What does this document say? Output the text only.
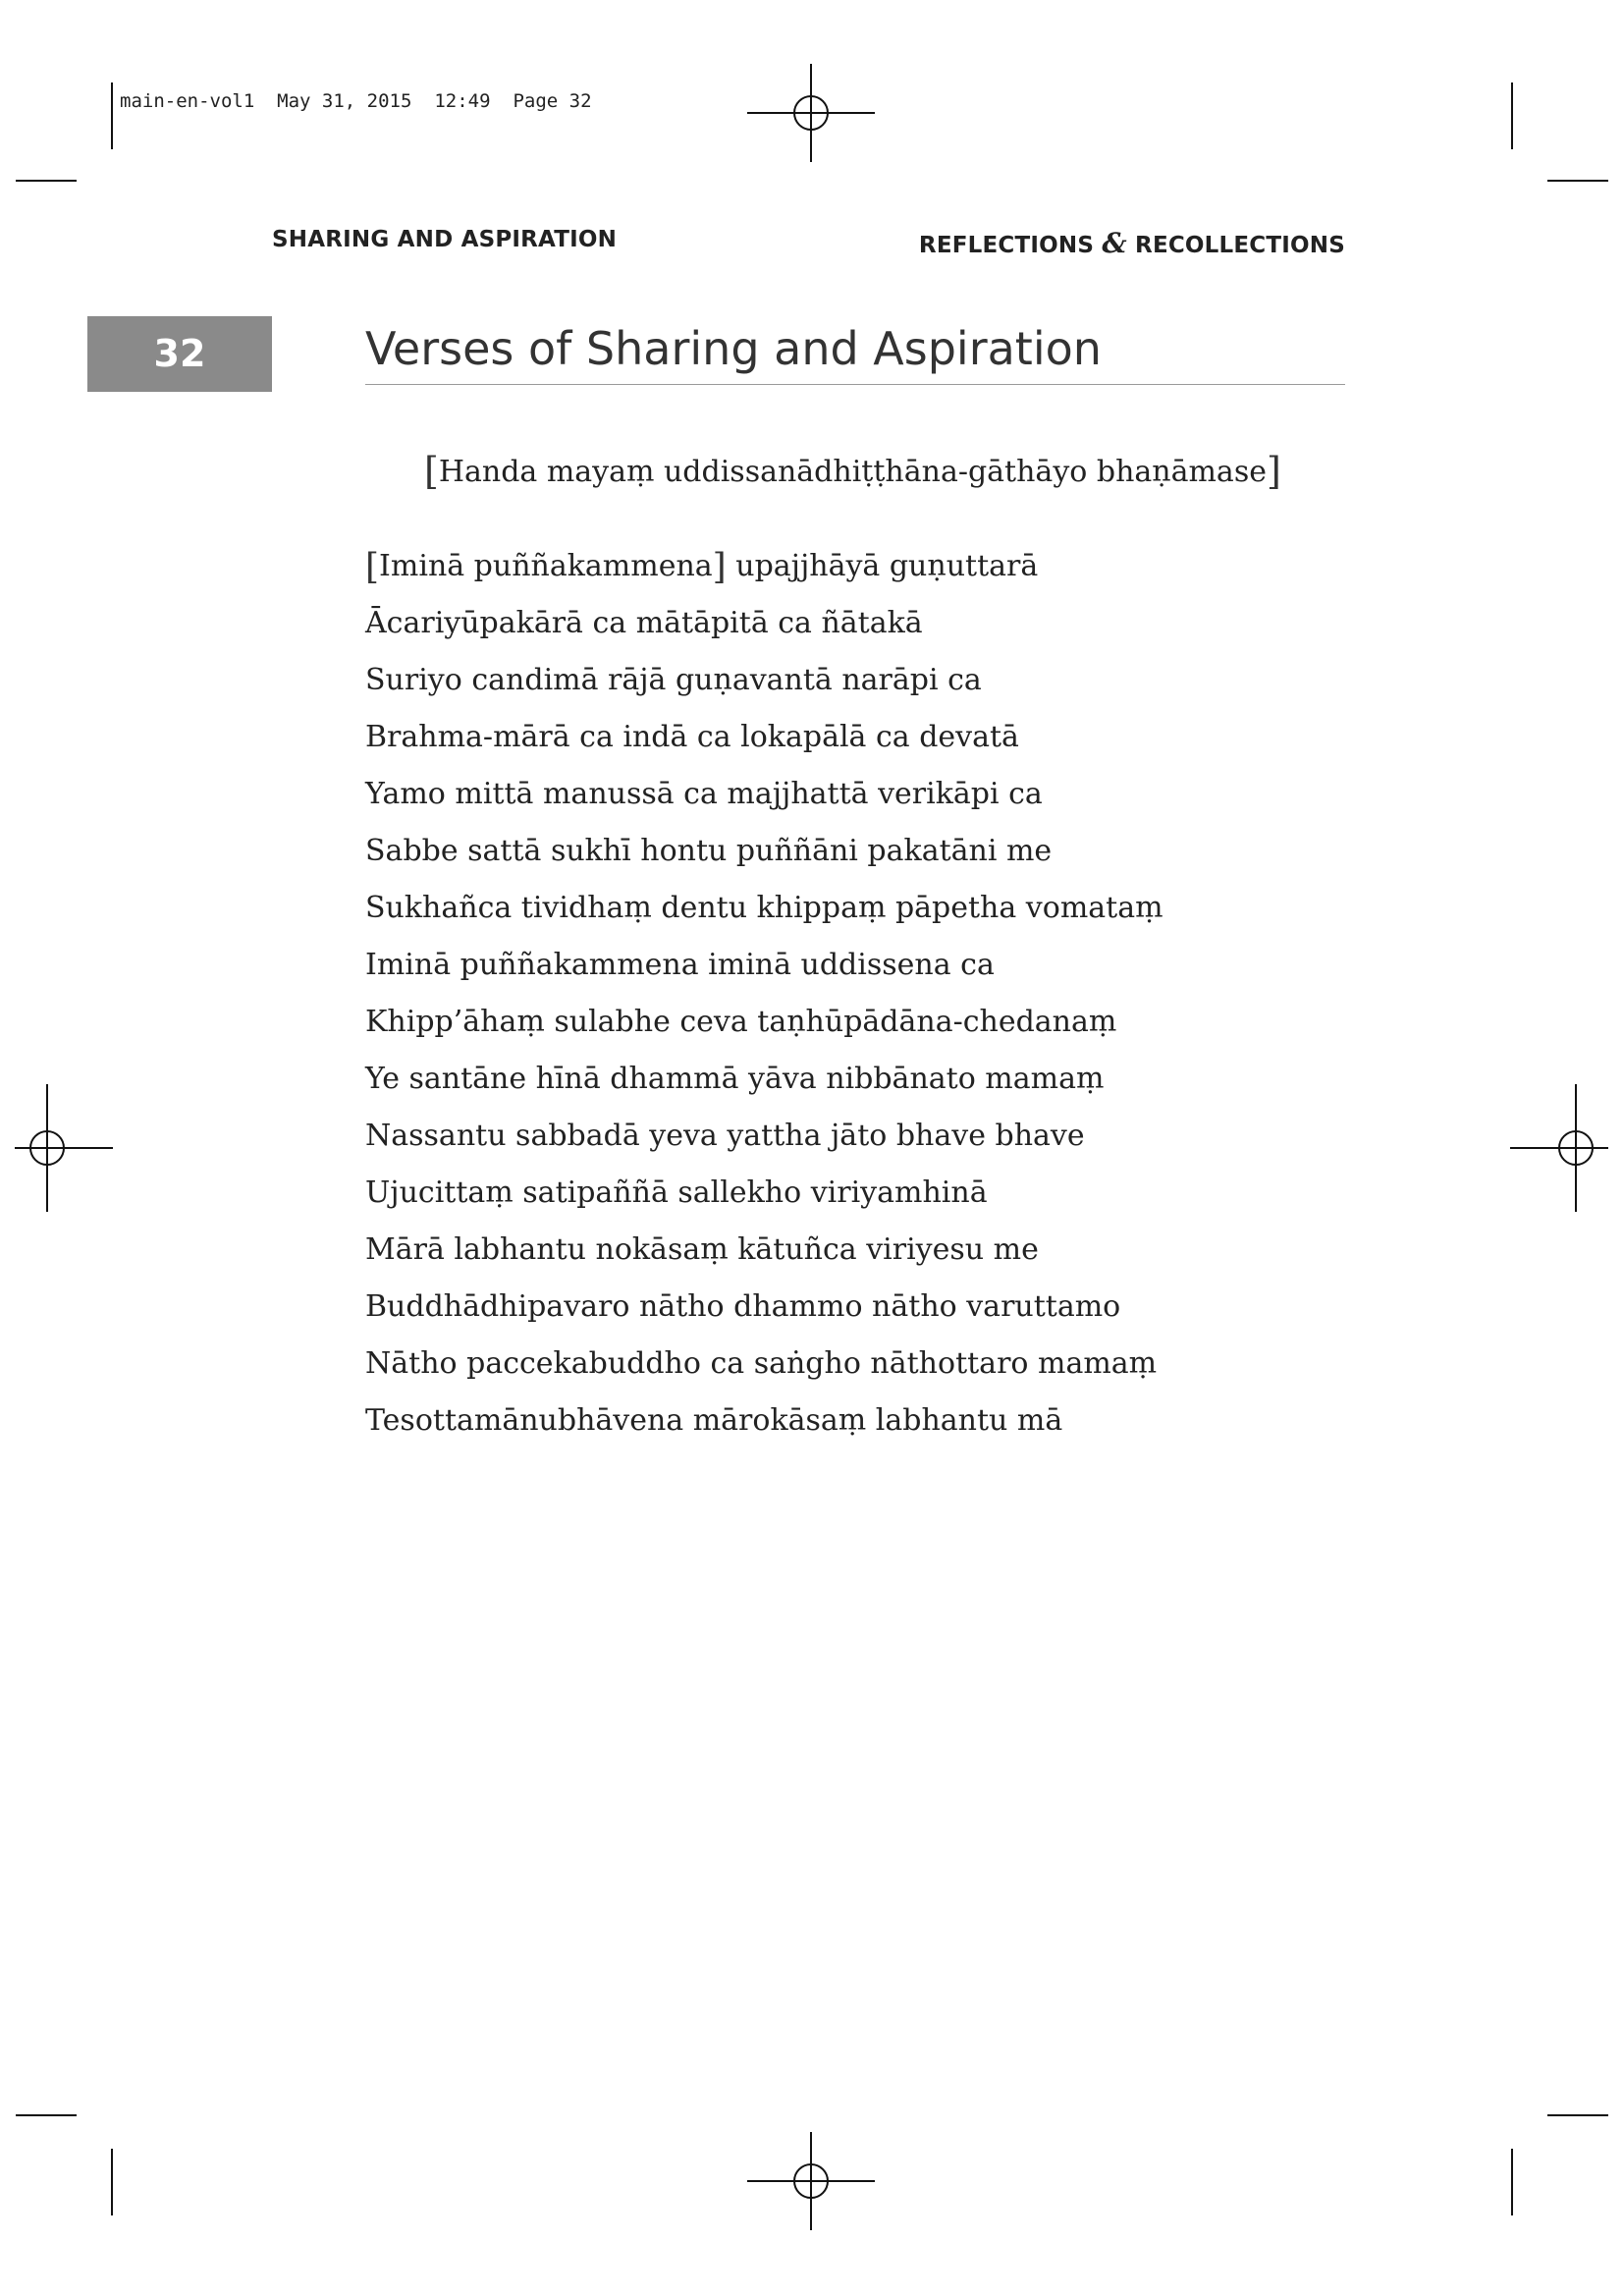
main-en-vol1 May 31, 2015 12:49 Page 32
SHARING AND ASPIRATION	REFLECTIONS & RECOLLECTIONS
32	Verses of Sharing and Aspiration
[Handa mayaṃ uddissanādhiṭṭhāna-gāthāyo bhaṇāmase]
[Iminā puññakammena] upajjhāyā guṇuttarā
Ācariyūpakārā ca mātāpitā ca ñātakā
Suriyo candimā rājā guṇavantā narāpi ca
Brahma-mārā ca indā ca lokapālā ca devatā
Yamo mittā manussā ca majjhattā verikāpi ca
Sabbe sattā sukhī hontu puññāni pakatāni me
Sukhañca tividhaṃ dentu khippaṃ pāpetha vomataṃ
Iminā puññakammena iminā uddissena ca
Khipp’āhaṃ sulabhe ceva taṇhūpādāna-chedanaṃ
Ye santāne hīnā dhammā yāva nibbānato mamaṃ
Nassantu sabbadā yeva yattha jāto bhave bhave
Ujucittaṃ satipaññā sallekho viriyamhinā
Mārā labhantu nokāsaṃ kātuñca viriyesu me
Buddhādhipavaro nātho dhammo nātho varuttamo
Nātho paccekabuddho ca saṅgho nāthottaro mamaṃ
Tesottamānubhāvena mārokāsaṃ labhantu mā
